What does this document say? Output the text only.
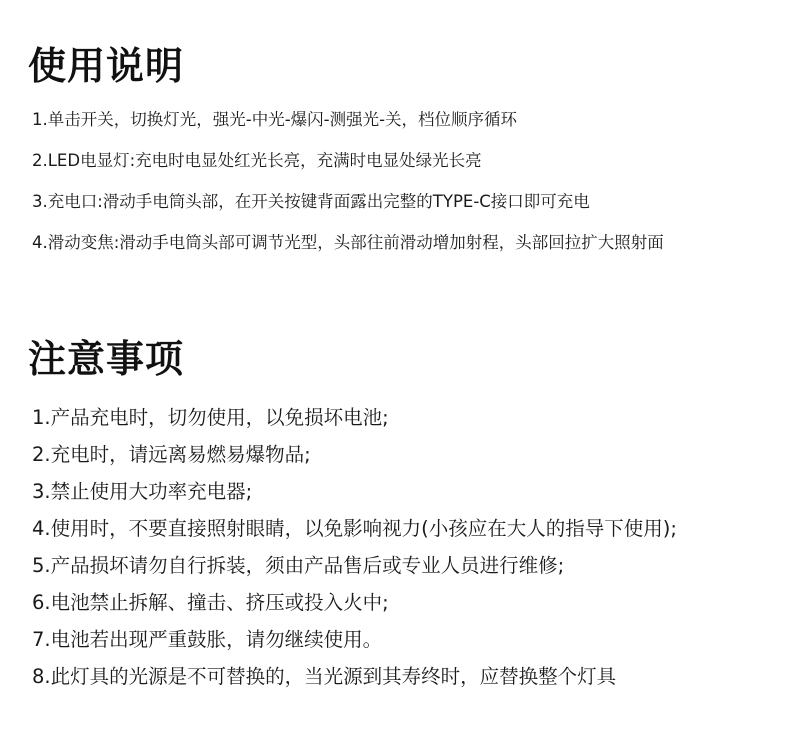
使用说明
1.单击开关，切换灯光，强光-中光-爆闪-测强光-关，档位顺序循环
2.LED电显灯:充电时电显处红光长亮，充满时电显处绿光长亮
3.充电口:滑动手电筒头部，在开关按键背面露出完整的TYPE-C接口即可充电
4.滑动变焦:滑动手电筒头部可调节光型，头部往前滑动增加射程，头部回拉扩大照射面
注意事项
1.产品充电时，切勿使用，以免损坏电池;
2.充电时，请远离易燃易爆物品;
3.禁止使用大功率充电器;
4.使用时，不要直接照射眼睛，以免影响视力(小孩应在大人的指导下使用);
5.产品损坏请勿自行拆装，须由产品售后或专业人员进行维修;
6.电池禁止拆解、撞击、挤压或投入火中;
7.电池若出现严重鼓胀，请勿继续使用。
8.此灯具的光源是不可替换的，当光源到其寿终时，应替换整个灯具
